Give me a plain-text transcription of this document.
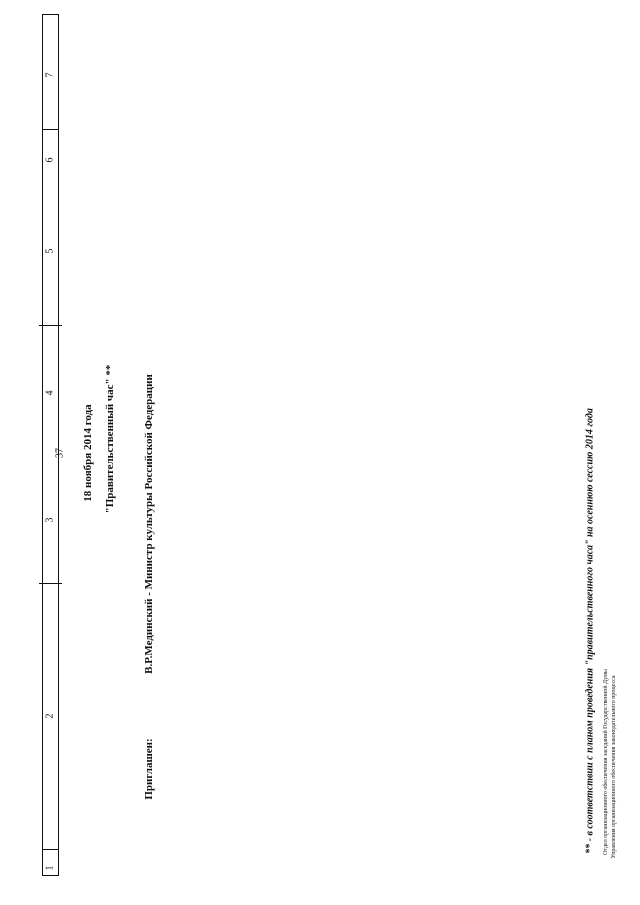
37
1
2
3
4
5
6
7
18 ноября 2014 года "Правительственный час" **
Приглашен:
В.Р.Мединский - Министр культуры Российской Федерации	** - в соответствии с планом проведения "правительственного часа" на осеннюю сессию 2014 года Отдел организационного обеспечения заседаний Государственной Думы Управления организационного обеспечения законодательного процесса
